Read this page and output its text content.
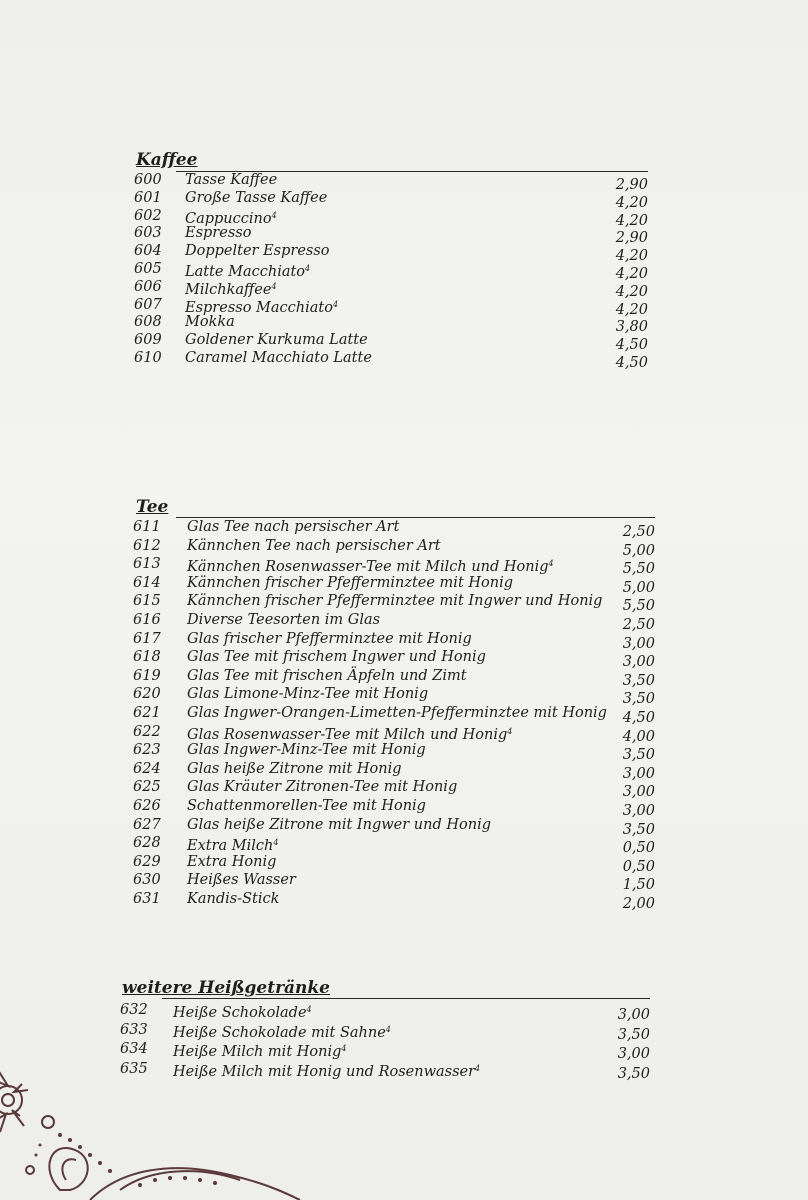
Kaffee
600 Tasse Kaffee	2,90
601 Große Tasse Kaffee	4,20
602 Cappuccino$^4$	4,20
603 Espresso	2,90
604 Doppelter Espresso	4,20
605 Latte Macchiato$^4$	4,20
606 Milchkaffee$^4$	4,20
607 Espresso Macchiato$^4$	4,20
608 Mokka	3,80
609 Goldener Kurkuma Latte	4,50
610 Caramel Macchiato Latte	4,50
Tee
611 Glas Tee nach persischer Art	2,50
612 Kännchen Tee nach persischer Art	5,00
613 Kännchen Rosenwasser-Tee mit Milch und Honig$^4$	5,50
614 Kännchen frischer Pfefferminztee mit Honig	5,00
615 Kännchen frischer Pfefferminztee mit Ingwer und Honig 5,50
616 Diverse Teesorten im Glas	2,50
617 Glas frischer Pfefferminztee mit Honig	3,00
618 Glas Tee mit frischem Ingwer und Honig	3,00
619 Glas Tee mit frischen Äpfeln und Zimt	3,50
620 Glas Limone-Minz-Tee mit Honig	3,50
621 Glas Ingwer-Orangen-Limetten-Pfefferminztee mit Honig 4,50
622 Glas Rosenwasser-Tee mit Milch und Honig$^4$	4,00
623 Glas Ingwer-Minz-Tee mit Honig	3,50
624 Glas heiße Zitrone mit Honig	3,00
625 Glas Kräuter Zitronen-Tee mit Honig	3,00
626 Schattenmorellen-Tee mit Honig	3,00
627 Glas heiße Zitrone mit Ingwer und Honig	3,50
628 Extra Milch$^4$	0,50
629 Extra Honig	0,50
630 Heißes Wasser	1,50
631 Kandis-Stick	2,00
weitere Heißgetränke
632 Heiße Schokolade$^4$	3,00
633 Heiße Schokolade mit Sahne$^4$	3,50
634 Heiße Milch mit Honig$^4$	3,00
635 Heiße Milch mit Honig und Rosenwasser$^4$	3,50
